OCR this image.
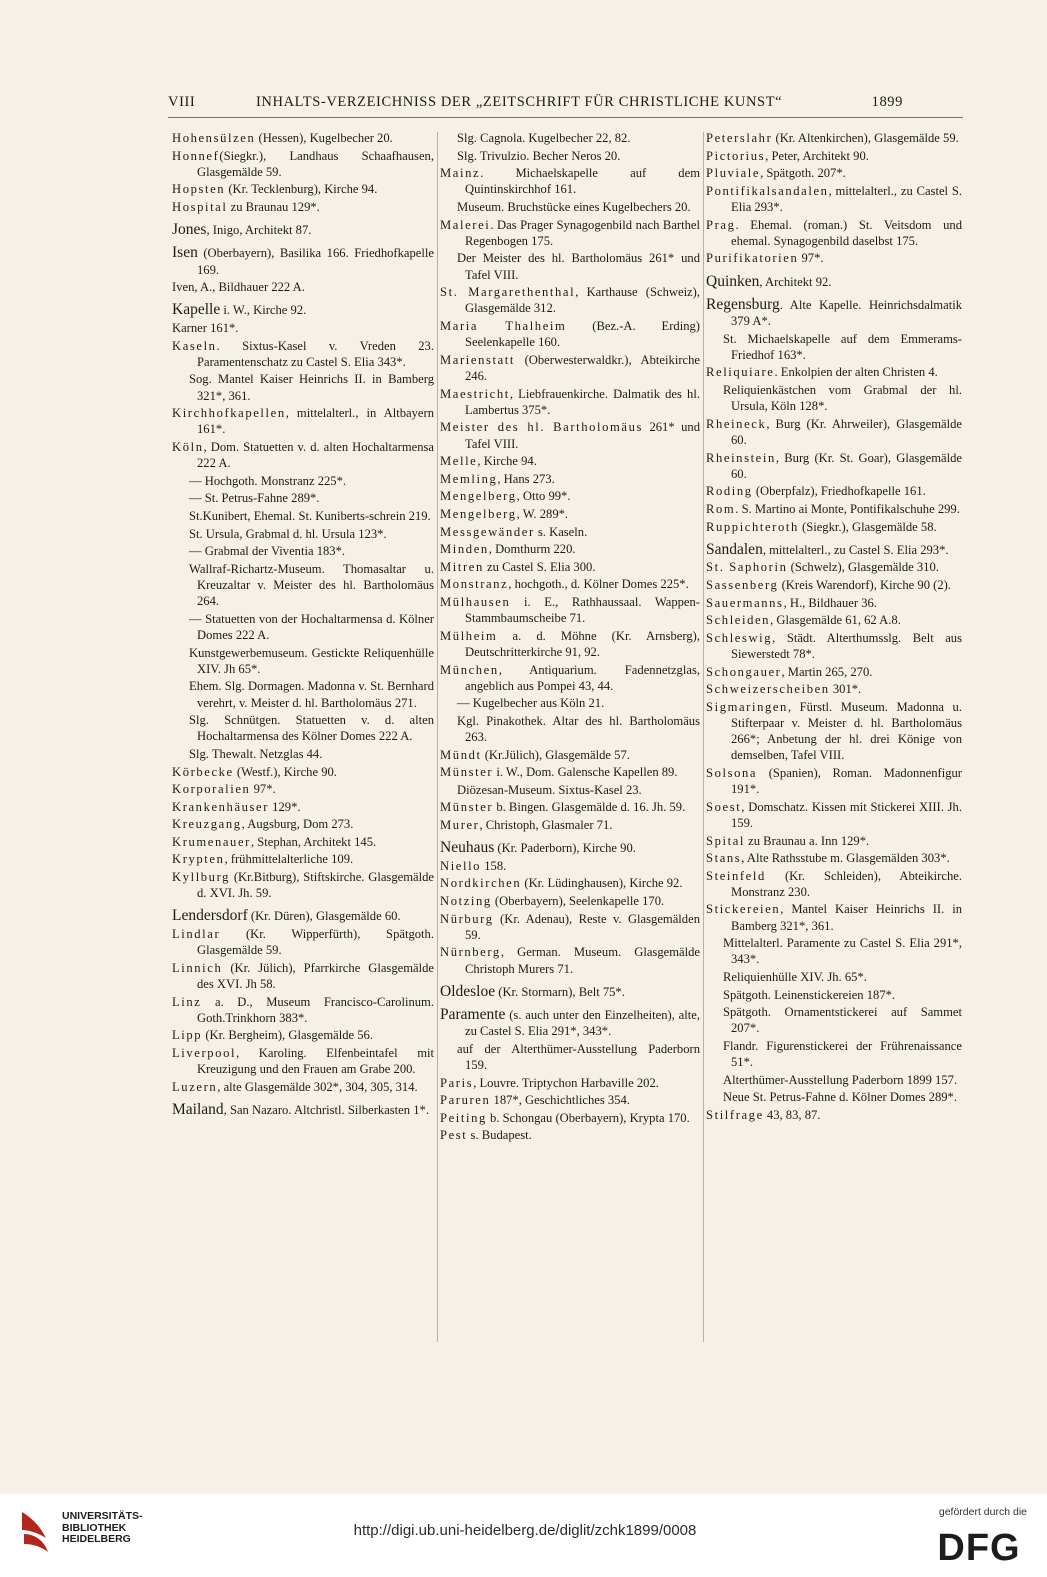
VIII	INHALTS-VERZEICHNISS DER „ZEITSCHRIFT FÜR CHRISTLICHE KUNST“	1899
Hohensülzen (Hessen), Kugelbecher 20.
Honnef(Siegkr.), Landhaus Schaafhausen, Glasgemälde 59.
Hopsten (Kr. Tecklenburg), Kirche 94.
Hospital zu Braunau 129*.
Jones, Inigo, Architekt 87.
Isen (Oberbayern), Basilika 166. Friedhofkapelle 169.
Iven, A., Bildhauer 222 A.
Kapelle i. W., Kirche 92.
Karner 161*.
Kaseln. Sixtus-Kasel v. Vreden 23. Paramentenschatz zu Castel S. Elia 343*.
Sog. Mantel Kaiser Heinrichs II. in Bamberg 321*, 361.
Kirchhofkapellen, mittelalterl., in Altbayern 161*.
Köln, Dom. Statuetten v. d. alten Hochaltarmensa 222 A.
— Hochgoth. Monstranz 225*.
— St. Petrus-Fahne 289*.
St.Kunibert, Ehemal. St. Kuniberts-schrein 219.
St. Ursula, Grabmal d. hl. Ursula 123*.
— Grabmal der Viventia 183*.
Wallraf-Richartz-Museum. Thomasaltar u. Kreuzaltar v. Meister des hl. Bartholomäus 264.
— Statuetten von der Hochaltarmensa d. Kölner Domes 222 A.
Kunstgewerbemuseum. Gestickte Reliquenhülle XIV. Jh 65*.
Ehem. Slg. Dormagen. Madonna v. St. Bernhard verehrt, v. Meister d. hl. Bartholomäus 271.
Slg. Schnütgen. Statuetten v. d. alten Hochaltarmensa des Kölner Domes 222 A.
Slg. Thewalt. Netzglas 44.
Körbecke (Westf.), Kirche 90.
Korporalien 97*.
Krankenhäuser 129*.
Kreuzgang, Augsburg, Dom 273.
Krumenauer, Stephan, Architekt 145.
Krypten, frühmittelalterliche 109.
Kyllburg (Kr.Bitburg), Stiftskirche. Glasgemälde d. XVI. Jh. 59.
Lendersdorf (Kr. Düren), Glasgemälde 60.
Lindlar (Kr. Wipperfürth), Spätgoth. Glasgemälde 59.
Linnich (Kr. Jülich), Pfarrkirche Glasgemälde des XVI. Jh 58.
Linz a. D., Museum Francisco-Carolinum. Goth.Trinkhorn 383*.
Lipp (Kr. Bergheim), Glasgemälde 56.
Liverpool, Karoling. Elfenbeintafel mit Kreuzigung und den Frauen am Grabe 200.
Luzern, alte Glasgemälde 302*, 304, 305, 314.
Mailand, San Nazaro. Altchristl. Silberkasten 1*.
Slg. Cagnola. Kugelbecher 22, 82.
Slg. Trivulzio. Becher Neros 20.
Mainz. Michaelskapelle auf dem Quintinskirchhof 161.
Museum. Bruchstücke eines Kugelbechers 20.
Malerei. Das Prager Synagogenbild nach Barthel Regenbogen 175.
Der Meister des hl. Bartholomäus 261* und Tafel VIII.
St. Margarethenthal, Karthause (Schweiz), Glasgemälde 312.
Maria Thalheim (Bez.-A. Erding) Seelenkapelle 160.
Marienstatt (Oberwesterwaldkr.), Abteikirche 246.
Maestricht, Liebfrauenkirche. Dalmatik des hl. Lambertus 375*.
Meister des hl. Bartholomäus 261* und Tafel VIII.
Melle, Kirche 94.
Memling, Hans 273.
Mengelberg, Otto 99*.
Mengelberg, W. 289*.
Messgewänder s. Kaseln.
Minden, Domthurm 220.
Mitren zu Castel S. Elia 300.
Monstranz, hochgoth., d. Kölner Domes 225*.
Mülhausen i. E., Rathhaussaal. Wappen-Stammbaumscheibe 71.
Mülheim a. d. Möhne (Kr. Arnsberg), Deutschritterkirche 91, 92.
München, Antiquarium. Fadennetzglas, angeblich aus Pompei 43, 44.
— Kugelbecher aus Köln 21.
Kgl. Pinakothek. Altar des hl. Bartholomäus 263.
Mündt (Kr.Jülich), Glasgemälde 57.
Münster i. W., Dom. Galensche Kapellen 89.
Diözesan-Museum. Sixtus-Kasel 23.
Münster b. Bingen. Glasgemälde d. 16. Jh. 59.
Murer, Christoph, Glasmaler 71.
Neuhaus (Kr. Paderborn), Kirche 90.
Niello 158.
Nordkirchen (Kr. Lüdinghausen), Kirche 92.
Notzing (Oberbayern), Seelenkapelle 170.
Nürburg (Kr. Adenau), Reste v. Glasgemälden 59.
Nürnberg, German. Museum. Glasgemälde Christoph Murers 71.
Oldesloe (Kr. Stormarn), Belt 75*.
Paramente (s. auch unter den Einzelheiten), alte, zu Castel S. Elia 291*, 343*.
auf der Alterthümer-Ausstellung Paderborn 159.
Paris, Louvre. Triptychon Harbaville 202.
Paruren 187*, Geschichtliches 354.
Peiting b. Schongau (Oberbayern), Krypta 170.
Pest s. Budapest.
Peterslahr (Kr. Altenkirchen), Glasgemälde 59.
Pictorius, Peter, Architekt 90.
Pluviale, Spätgoth. 207*.
Pontifikalsandalen, mittelalterl., zu Castel S. Elia 293*.
Prag. Ehemal. (roman.) St. Veitsdom und ehemal. Synagogenbild daselbst 175.
Purifikatorien 97*.
Quinken, Architekt 92.
Regensburg. Alte Kapelle. Heinrichsdalmatik 379 A*.
St. Michaelskapelle auf dem Emmerams-Friedhof 163*.
Reliquiare. Enkolpien der alten Christen 4.
Reliquienkästchen vom Grabmal der hl. Ursula, Köln 128*.
Rheineck, Burg (Kr. Ahrweiler), Glasgemälde 60.
Rheinstein, Burg (Kr. St. Goar), Glasgemälde 60.
Roding (Oberpfalz), Friedhofkapelle 161.
Rom. S. Martino ai Monte, Pontifikalschuhe 299.
Ruppichteroth (Siegkr.), Glasgemälde 58.
Sandalen, mittelalterl., zu Castel S. Elia 293*.
St. Saphorin (Schwelz), Glasgemälde 310.
Sassenberg (Kreis Warendorf), Kirche 90 (2).
Sauermanns, H., Bildhauer 36.
Schleiden, Glasgemälde 61, 62 A.8.
Schleswig, Städt. Alterthumsslg. Belt aus Siewerstedt 78*.
Schongauer, Martin 265, 270.
Schweizerscheiben 301*.
Sigmaringen, Fürstl. Museum. Madonna u. Stifterpaar v. Meister d. hl. Bartholomäus 266*; Anbetung der hl. drei Könige von demselben, Tafel VIII.
Solsona (Spanien), Roman. Madonnenfigur 191*.
Soest, Domschatz. Kissen mit Stickerei XIII. Jh. 159.
Spital zu Braunau a. Inn 129*.
Stans, Alte Rathsstube m. Glasgemälden 303*.
Steinfeld (Kr. Schleiden), Abteikirche. Monstranz 230.
Stickereien, Mantel Kaiser Heinrichs II. in Bamberg 321*, 361.
Mittelalterl. Paramente zu Castel S. Elia 291*, 343*.
Reliquienhülle XIV. Jh. 65*.
Spätgoth. Leinenstickereien 187*.
Spätgoth. Ornamentstickerei auf Sammet 207*.
Flandr. Figurenstickerei der Frührenaissance 51*.
Alterthümer-Ausstellung Paderborn 1899 157.
Neue St. Petrus-Fahne d. Kölner Domes 289*.
Stilfrage 43, 83, 87.
UNIVERSITÄTS-
BIBLIOTHEK
HEIDELBERG	http://digi.ub.uni-heidelberg.de/diglit/zchk1899/0008
gefördert durch die
DFG
